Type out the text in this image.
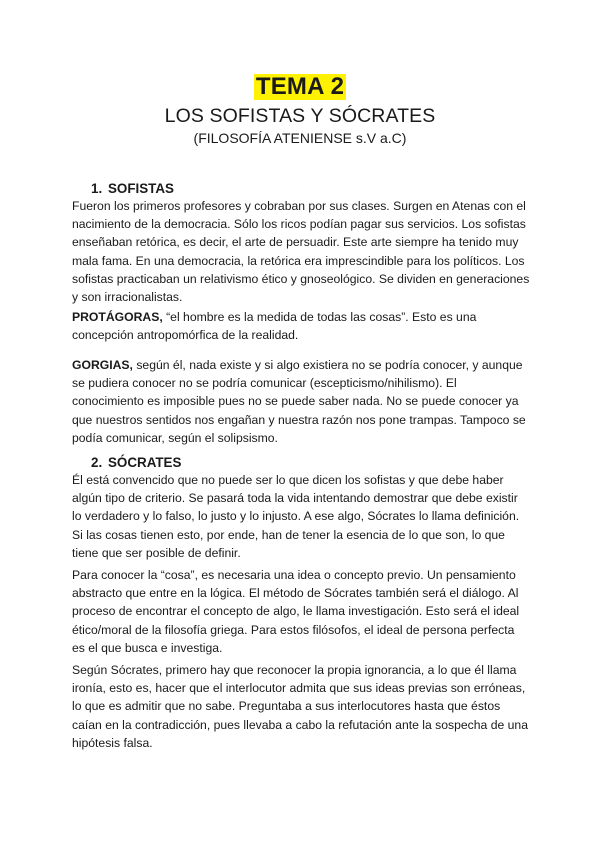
TEMA 2
LOS SOFISTAS Y SÓCRATES
(FILOSOFÍA ATENIENSE s.V a.C)
1. SOFISTAS
Fueron los primeros profesores y cobraban por sus clases. Surgen en Atenas con el
nacimiento de la democracia. Sólo los ricos podían pagar sus servicios. Los sofistas
enseñaban retórica, es decir, el arte de persuadir. Este arte siempre ha tenido muy
mala fama. En una democracia, la retórica era imprescindible para los políticos. Los
sofistas practicaban un relativismo ético y gnoseológico. Se dividen en generaciones
y son irracionalistas.
PROTÁGORAS, “el hombre es la medida de todas las cosas”. Esto es una
concepción antropomórfica de la realidad.
GORGIAS, según él, nada existe y si algo existiera no se podría conocer, y aunque
se pudiera conocer no se podría comunicar (escepticismo/nihilismo). El
conocimiento es imposible pues no se puede saber nada. No se puede conocer ya
que nuestros sentidos nos engañan y nuestra razón nos pone trampas. Tampoco se
podía comunicar, según el solipsismo.
2. SÓCRATES
Él está convencido que no puede ser lo que dicen los sofistas y que debe haber
algún tipo de criterio. Se pasará toda la vida intentando demostrar que debe existir
lo verdadero y lo falso, lo justo y lo injusto. A ese algo, Sócrates lo llama definición.
Si las cosas tienen esto, por ende, han de tener la esencia de lo que son, lo que
tiene que ser posible de definir.
Para conocer la “cosa”, es necesaria una idea o concepto previo. Un pensamiento
abstracto que entre en la lógica. El método de Sócrates también será el diálogo. Al
proceso de encontrar el concepto de algo, le llama investigación. Esto será el ideal
ético/moral de la filosofía griega. Para estos filósofos, el ideal de persona perfecta
es el que busca e investiga.
Según Sócrates, primero hay que reconocer la propia ignorancia, a lo que él llama
ironía, esto es, hacer que el interlocutor admita que sus ideas previas son erróneas,
lo que es admitir que no sabe. Preguntaba a sus interlocutores hasta que éstos
caían en la contradicción, pues llevaba a cabo la refutación ante la sospecha de una
hipótesis falsa.
